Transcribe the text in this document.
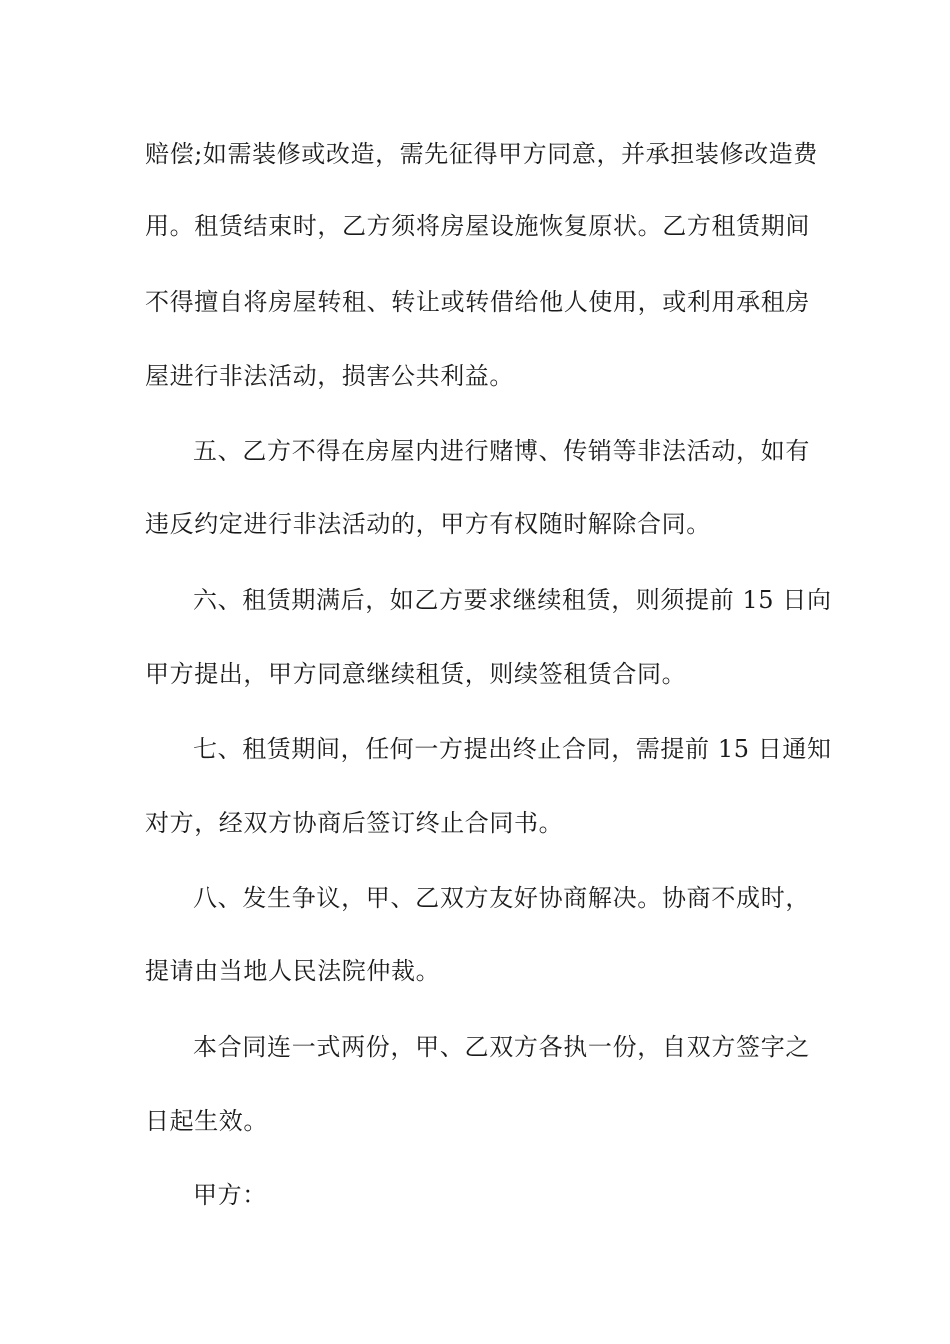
赔偿;如需装修或改造，需先征得甲方同意，并承担装修改造费
用。租赁结束时，乙方须将房屋设施恢复原状。乙方租赁期间
不得擅自将房屋转租、转让或转借给他人使用，或利用承租房
屋进行非法活动，损害公共利益。
五、乙方不得在房屋内进行赌博、传销等非法活动，如有
违反约定进行非法活动的，甲方有权随时解除合同。
六、租赁期满后，如乙方要求继续租赁，则须提前 15 日向
甲方提出，甲方同意继续租赁，则续签租赁合同。
七、租赁期间，任何一方提出终止合同，需提前 15 日通知
对方，经双方协商后签订终止合同书。
八、发生争议，甲、乙双方友好协商解决。协商不成时，
提请由当地人民法院仲裁。
本合同连一式两份，甲、乙双方各执一份，自双方签字之
日起生效。
甲方：
